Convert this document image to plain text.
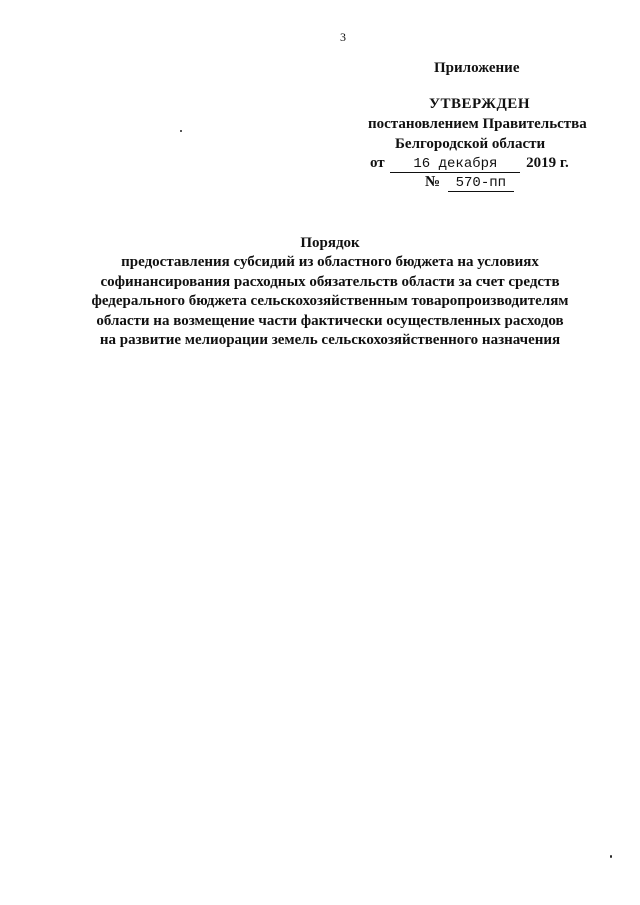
3
Приложение
УТВЕРЖДЕН
постановлением Правительства
Белгородской области
от 16 декабря 2019 г.
№ 570-пп
Порядок
предоставления субсидий из областного бюджета на условиях
софинансирования расходных обязательств области за счет средств
федерального бюджета сельскохозяйственным товаропроизводителям
области на возмещение части фактически осуществленных расходов
на развитие мелиорации земель сельскохозяйственного назначения
